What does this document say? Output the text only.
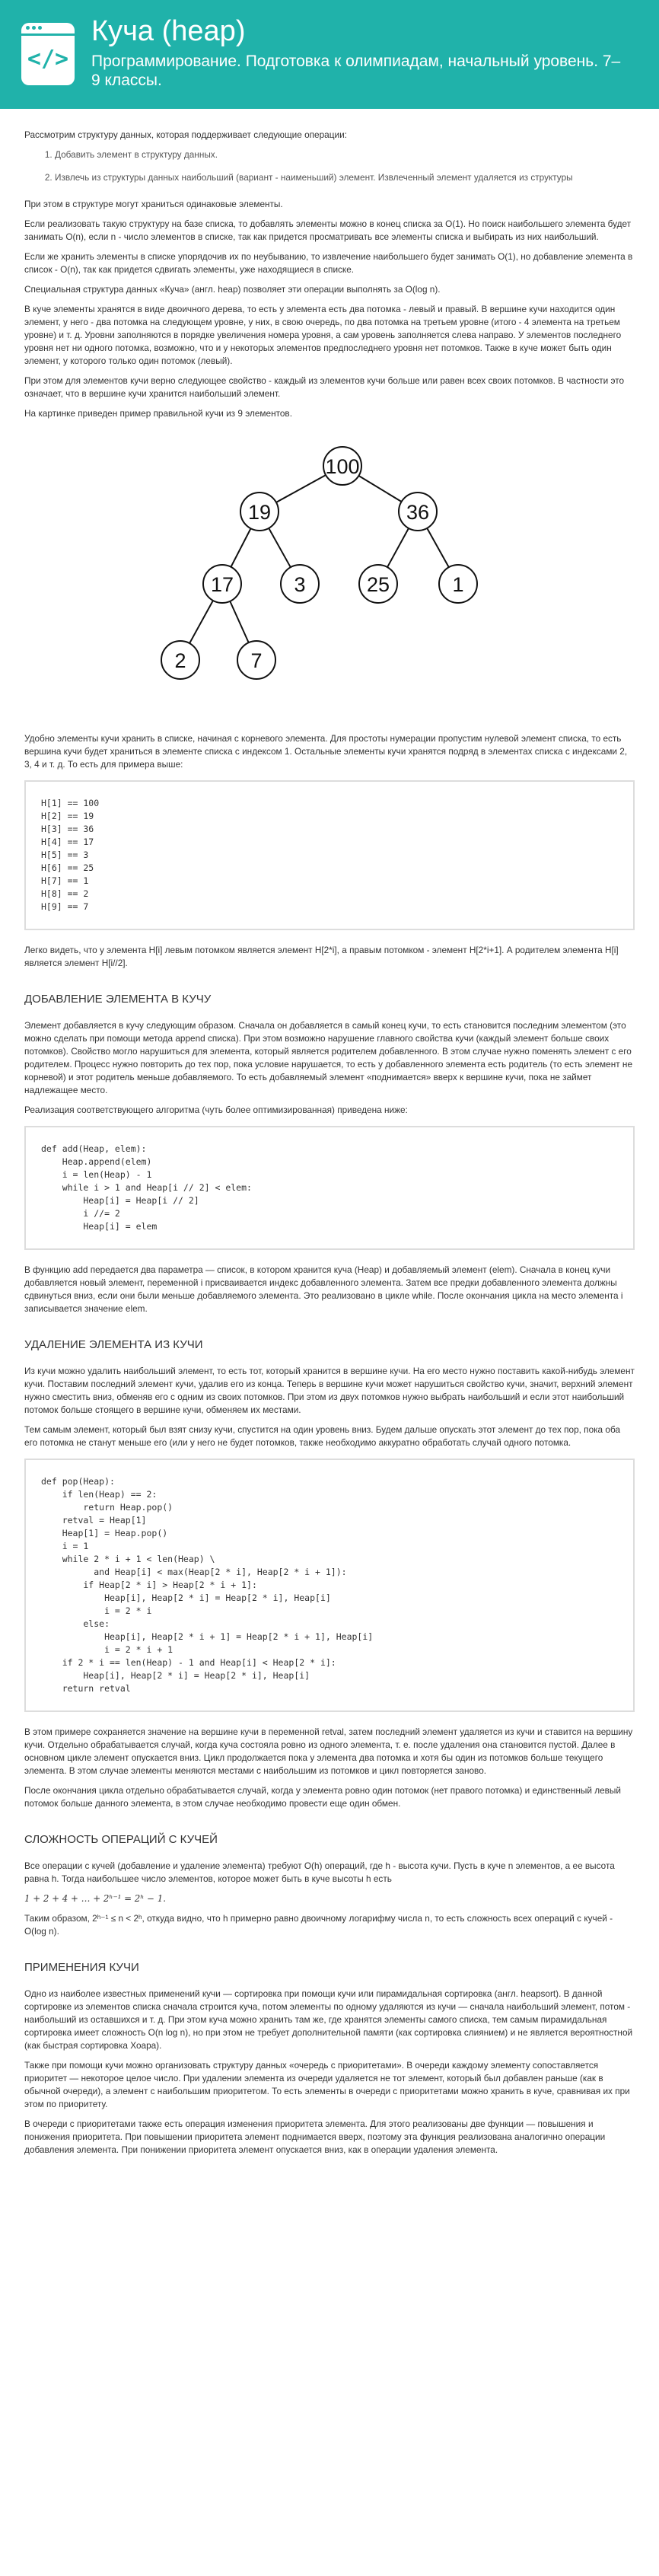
</>
Куча (heap)
Программирование. Подготовка к олимпиадам, начальный уровень. 7–9 классы.

Рассмотрим структуру данных, которая поддерживает следующие операции:

1. Добавить элемент в структуру данных.
2. Извлечь из структуры данных наибольший (вариант - наименьший) элемент. Извлеченный элемент удаляется из структуры

При этом в структуре могут храниться одинаковые элементы.

Если реализовать такую структуру на базе списка, то добавлять элементы можно в конец списка за O(1). Но поиск наибольшего элемента будет занимать O(n), если n - число элементов в списке, так как придется просматривать все элементы списка и выбирать из них наибольший.

Если же хранить элементы в списке упорядочив их по неубыванию, то извлечение наибольшего будет занимать O(1), но добавление элемента в список - O(n), так как придется сдвигать элементы, уже находящиеся в списке.

Специальная структура данных «Куча» (англ. heap) позволяет эти операции выполнять за O(log n).

В куче элементы хранятся в виде двоичного дерева, то есть у элемента есть два потомка - левый и правый. В вершине кучи находится один элемент, у него - два потомка на следующем уровне, у них, в свою очередь, по два потомка на третьем уровне (итого - 4 элемента на третьем уровне) и т. д. Уровни заполняются в порядке увеличения номера уровня, а сам уровень заполняется слева направо. У элементов последнего уровня нет ни одного потомка, возможно, что и у некоторых элементов предпоследнего уровня нет потомков. Также в куче может быть один элемент, у которого только один потомок (левый).

При этом для элементов кучи верно следующее свойство - каждый из элементов кучи больше или равен всех своих потомков. В частности это означает, что в вершине кучи хранится наибольший элемент.

На картинке приведен пример правильной кучи из 9 элементов.

100
19	36
17	3	25	1
2	7

Удобно элементы кучи хранить в списке, начиная с корневого элемента. Для простоты нумерации пропустим нулевой элемент списка, то есть вершина кучи будет храниться в элементе списка с индексом 1. Остальные элементы кучи хранятся подряд в элементах списка с индексами 2, 3, 4 и т. д. То есть для примера выше:

H[1] == 100
H[2] == 19
H[3] == 36
H[4] == 17
H[5] == 3
H[6] == 25
H[7] == 1
H[8] == 2
H[9] == 7

Легко видеть, что у элемента H[i] левым потомком является элемент H[2*i], а правым потомком - элемент H[2*i+1]. А родителем элемента H[i] является элемент H[i//2].

ДОБАВЛЕНИЕ ЭЛЕМЕНТА В КУЧУ

Элемент добавляется в кучу следующим образом. Сначала он добавляется в самый конец кучи, то есть становится последним элементом (это можно сделать при помощи метода append списка). При этом возможно нарушение главного свойства кучи (каждый элемент больше своих потомков). Свойство могло нарушиться для элемента, который является родителем добавленного. В этом случае нужно поменять элемент с его родителем. Процесс нужно повторить до тех пор, пока условие нарушается, то есть у добавленного элемента есть родитель (то есть элемент не корневой) и этот родитель меньше добавляемого. То есть добавляемый элемент «поднимается» вверх к вершине кучи, пока не займет надлежащее место.

Реализация соответствующего алгоритма (чуть более оптимизированная) приведена ниже:

def add(Heap, elem):
Heap.append(elem)
i = len(Heap) - 1
while i > 1 and Heap[i // 2] < elem:
Heap[i] = Heap[i // 2]
i //= 2
Heap[i] = elem

В функцию add передается два параметра — список, в котором хранится куча (Heap) и добавляемый элемент (elem). Сначала в конец кучи добавляется новый элемент, переменной i присваивается индекс добавленного элемента. Затем все предки добавленного элемента должны сдвинуться вниз, если они были меньше добавляемого элемента. Это реализовано в цикле while. После окончания цикла на место элемента i записывается значение elem.

УДАЛЕНИЕ ЭЛЕМЕНТА ИЗ КУЧИ

Из кучи можно удалить наибольший элемент, то есть тот, который хранится в вершине кучи. На его место нужно поставить какой-нибудь элемент кучи. Поставим последний элемент кучи, удалив его из конца. Теперь в вершине кучи может нарушиться свойство кучи, значит, верхний элемент нужно сместить вниз, обменяв его с одним из своих потомков. При этом из двух потомков нужно выбрать наибольший и если этот наибольший потомок больше стоящего в вершине кучи, обменяем их местами.

Тем самым элемент, который был взят снизу кучи, спустится на один уровень вниз. Будем дальше опускать этот элемент до тех пор, пока оба его потомка не станут меньше его (или у него не будет потомков, также необходимо аккуратно обработать случай одного потомка.

def pop(Heap):
if len(Heap) == 2:
return Heap.pop()
retval = Heap[1]
Heap[1] = Heap.pop()
i = 1
while 2 * i + 1 < len(Heap) \
and Heap[i] < max(Heap[2 * i], Heap[2 * i + 1]):
if Heap[2 * i] > Heap[2 * i + 1]:
Heap[i], Heap[2 * i] = Heap[2 * i], Heap[i]
i = 2 * i
else:
Heap[i], Heap[2 * i + 1] = Heap[2 * i + 1], Heap[i]
i = 2 * i + 1
if 2 * i == len(Heap) - 1 and Heap[i] < Heap[2 * i]:
Heap[i], Heap[2 * i] = Heap[2 * i], Heap[i]
return retval

В этом примере сохраняется значение на вершине кучи в переменной retval, затем последний элемент удаляется из кучи и ставится на вершину кучи. Отдельно обрабатывается случай, когда куча состояла ровно из одного элемента, т. е. после удаления она становится пустой. Далее в основном цикле элемент опускается вниз. Цикл продолжается пока у элемента два потомка и хотя бы один из потомков больше текущего элемента. В этом случае элементы меняются местами с наибольшим из потомков и цикл повторяется заново.

После окончания цикла отдельно обрабатывается случай, когда у элемента ровно один потомок (нет правого потомка) и единственный левый потомок больше данного элемента, в этом случае необходимо провести еще один обмен.

СЛОЖНОСТЬ ОПЕРАЦИЙ С КУЧЕЙ

Все операции с кучей (добавление и удаление элемента) требуют O(h) операций, где h - высота кучи. Пусть в куче n элементов, а ее высота равна h. Тогда наибольшее число элементов, которое может быть в куче высоты h есть

1 + 2 + 4 + … + 2ʰ⁻¹ = 2ʰ − 1.

Таким образом, 2ʰ⁻¹ ≤ n < 2ʰ, откуда видно, что h примерно равно двоичному логарифму числа n, то есть сложность всех операций с кучей - O(log n).

ПРИМЕНЕНИЯ КУЧИ

Одно из наиболее известных применений кучи — сортировка при помощи кучи или пирамидальная сортировка (англ. heapsort). В данной сортировке из элементов списка сначала строится куча, потом элементы по одному удаляются из кучи — сначала наибольший элемент, потом - наибольший из оставшихся и т. д. При этом куча можно хранить там же, где хранятся элементы самого списка, тем самым пирамидальная сортировка имеет сложность O(n log n), но при этом не требует дополнительной памяти (как сортировка слиянием) и не является вероятностной (как быстрая сортировка Хоара).

Также при помощи кучи можно организовать структуру данных «очередь с приоритетами». В очереди каждому элементу сопоставляется приоритет — некоторое целое число. При удалении элемента из очереди удаляется не тот элемент, который был добавлен раньше (как в обычной очереди), а элемент с наибольшим приоритетом. То есть элементы в очереди с приоритетами можно хранить в куче, сравнивая их при этом по приоритету.

В очереди с приоритетами также есть операция изменения приоритета элемента. Для этого реализованы две функции — повышения и понижения приоритета. При повышении приоритета элемент поднимается вверх, поэтому эта функция реализована аналогично операции добавления элемента. При понижении приоритета элемент опускается вниз, как в операции удаления элемента.
